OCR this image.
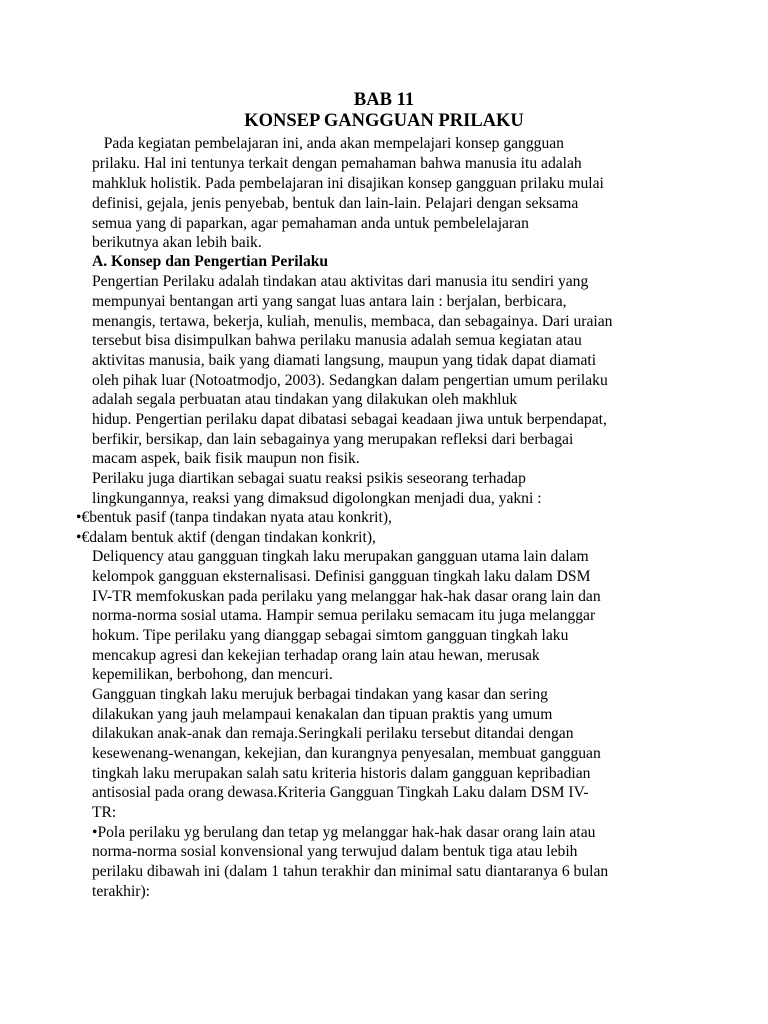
BAB 11
KONSEP GANGGUAN PRILAKU
Pada kegiatan pembelajaran ini, anda akan mempelajari konsep gangguan
prilaku. Hal ini tentunya terkait dengan pemahaman bahwa manusia itu adalah
mahkluk holistik. Pada pembelajaran ini disajikan konsep gangguan prilaku mulai
definisi, gejala, jenis penyebab, bentuk dan lain-lain. Pelajari dengan seksama
semua yang di paparkan, agar pemahaman anda untuk pembelelajaran
berikutnya akan lebih baik.
A. Konsep dan Pengertian Perilaku
Pengertian Perilaku adalah tindakan atau aktivitas dari manusia itu sendiri yang
mempunyai bentangan arti yang sangat luas antara lain : berjalan, berbicara,
menangis, tertawa, bekerja, kuliah, menulis, membaca, dan sebagainya. Dari uraian
tersebut bisa disimpulkan bahwa perilaku manusia adalah semua kegiatan atau
aktivitas manusia, baik yang diamati langsung, maupun yang tidak dapat diamati
oleh pihak luar (Notoatmodjo, 2003). Sedangkan dalam pengertian umum perilaku
adalah segala perbuatan atau tindakan yang dilakukan oleh makhluk
hidup. Pengertian perilaku dapat dibatasi sebagai keadaan jiwa untuk berpendapat,
berfikir, bersikap, dan lain sebagainya yang merupakan refleksi dari berbagai
macam aspek, baik fisik maupun non fisik.
Perilaku juga diartikan sebagai suatu reaksi psikis seseorang terhadap
lingkungannya, reaksi yang dimaksud digolongkan menjadi dua, yakni :
•€bentuk pasif (tanpa tindakan nyata atau konkrit),
•€dalam bentuk aktif (dengan tindakan konkrit),
Deliquency atau gangguan tingkah laku merupakan gangguan utama lain dalam
kelompok gangguan eksternalisasi. Definisi gangguan tingkah laku dalam DSM
IV-TR memfokuskan pada perilaku yang melanggar hak-hak dasar orang lain dan
norma-norma sosial utama. Hampir semua perilaku semacam itu juga melanggar
hokum. Tipe perilaku yang dianggap sebagai simtom gangguan tingkah laku
mencakup agresi dan kekejian terhadap orang lain atau hewan, merusak
kepemilikan, berbohong, dan mencuri.
Gangguan tingkah laku merujuk berbagai tindakan yang kasar dan sering
dilakukan yang jauh melampaui kenakalan dan tipuan praktis yang umum
dilakukan anak-anak dan remaja.Seringkali perilaku tersebut ditandai dengan
kesewenang-wenangan, kekejian, dan kurangnya penyesalan, membuat gangguan
tingkah laku merupakan salah satu kriteria historis dalam gangguan kepribadian
antisosial pada orang dewasa.Kriteria Gangguan Tingkah Laku dalam DSM IV-
TR:
•Pola perilaku yg berulang dan tetap yg melanggar hak-hak dasar orang lain atau
norma-norma sosial konvensional yang terwujud dalam bentuk tiga atau lebih
perilaku dibawah ini (dalam 1 tahun terakhir dan minimal satu diantaranya 6 bulan
terakhir):
